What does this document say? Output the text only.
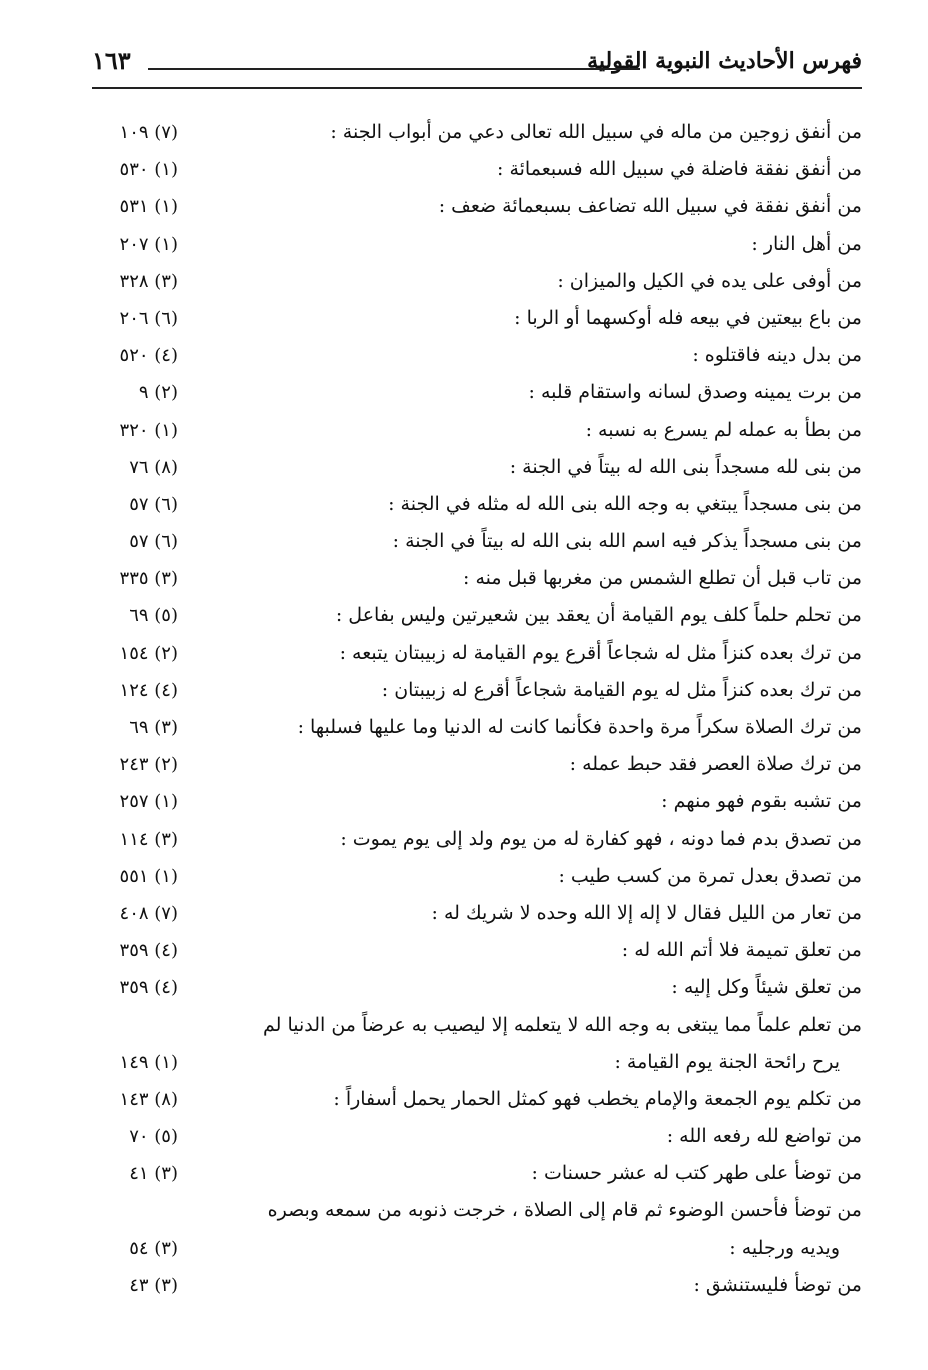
فهرس الأحاديث النبوية القولية
١٦٣
من أنفق زوجين من ماله في سبيل الله تعالى دعي من أبواب الجنة :
(٧) ١٠٩
من أنفق نفقة فاضلة في سبيل الله فسبعمائة :
(١) ٥٣٠
من أنفق نفقة في سبيل الله تضاعف بسبعمائة ضعف :
(١) ٥٣١
من أهل النار :
(١) ٢٠٧
من أوفى على يده في الكيل والميزان :
(٣) ٣٢٨
من باع بيعتين في بيعه فله أوكسهما أو الربا :
(٦) ٢٠٦
من بدل دينه فاقتلوه :
(٤) ٥٢٠
من برت يمينه وصدق لسانه واستقام قلبه :
(٢) ٩
من بطأ به عمله لم يسرع به نسبه :
(١) ٣٢٠
من بنى لله مسجداً بنى الله له بيتاً في الجنة :
(٨) ٧٦
من بنى مسجداً يبتغي به وجه الله بنى الله له مثله في الجنة :
(٦) ٥٧
من بنى مسجداً يذكر فيه اسم الله بنى الله له بيتاً في الجنة :
(٦) ٥٧
من تاب قبل أن تطلع الشمس من مغربها قبل منه :
(٣) ٣٣٥
من تحلم حلماً كلف يوم القيامة أن يعقد بين شعيرتين وليس بفاعل :
(٥) ٦٩
من ترك بعده كنزاً مثل له شجاعاً أقرع يوم القيامة له زبيبتان يتبعه :
(٢) ١٥٤
من ترك بعده كنزاً مثل له يوم القيامة شجاعاً أقرع له زبيبتان :
(٤) ١٢٤
من ترك الصلاة سكراً مرة واحدة فكأنما كانت له الدنيا وما عليها فسلبها :
(٣) ٦٩
من ترك صلاة العصر فقد حبط عمله :
(٢) ٢٤٣
من تشبه بقوم فهو منهم :
(١) ٢٥٧
من تصدق بدم فما دونه ، فهو كفارة له من يوم ولد إلى يوم يموت :
(٣) ١١٤
من تصدق بعدل تمرة من كسب طيب :
(١) ٥٥١
من تعار من الليل فقال لا إله إلا الله وحده لا شريك له :
(٧) ٤٠٨
من تعلق تميمة فلا أتم الله له :
(٤) ٣٥٩
من تعلق شيئاً وكل إليه :
(٤) ٣٥٩
من تعلم علماً مما يبتغى به وجه الله لا يتعلمه إلا ليصيب به عرضاً من الدنيا لم
يرح رائحة الجنة يوم القيامة :
(١) ١٤٩
من تكلم يوم الجمعة والإمام يخطب فهو كمثل الحمار يحمل أسفاراً :
(٨) ١٤٣
من تواضع لله رفعه الله :
(٥) ٧٠
من توضأ على طهر كتب له عشر حسنات :
(٣) ٤١
من توضأ فأحسن الوضوء ثم قام إلى الصلاة ، خرجت ذنوبه من سمعه وبصره
ويديه ورجليه :
(٣) ٥٤
من توضأ فليستنشق :
(٣) ٤٣
